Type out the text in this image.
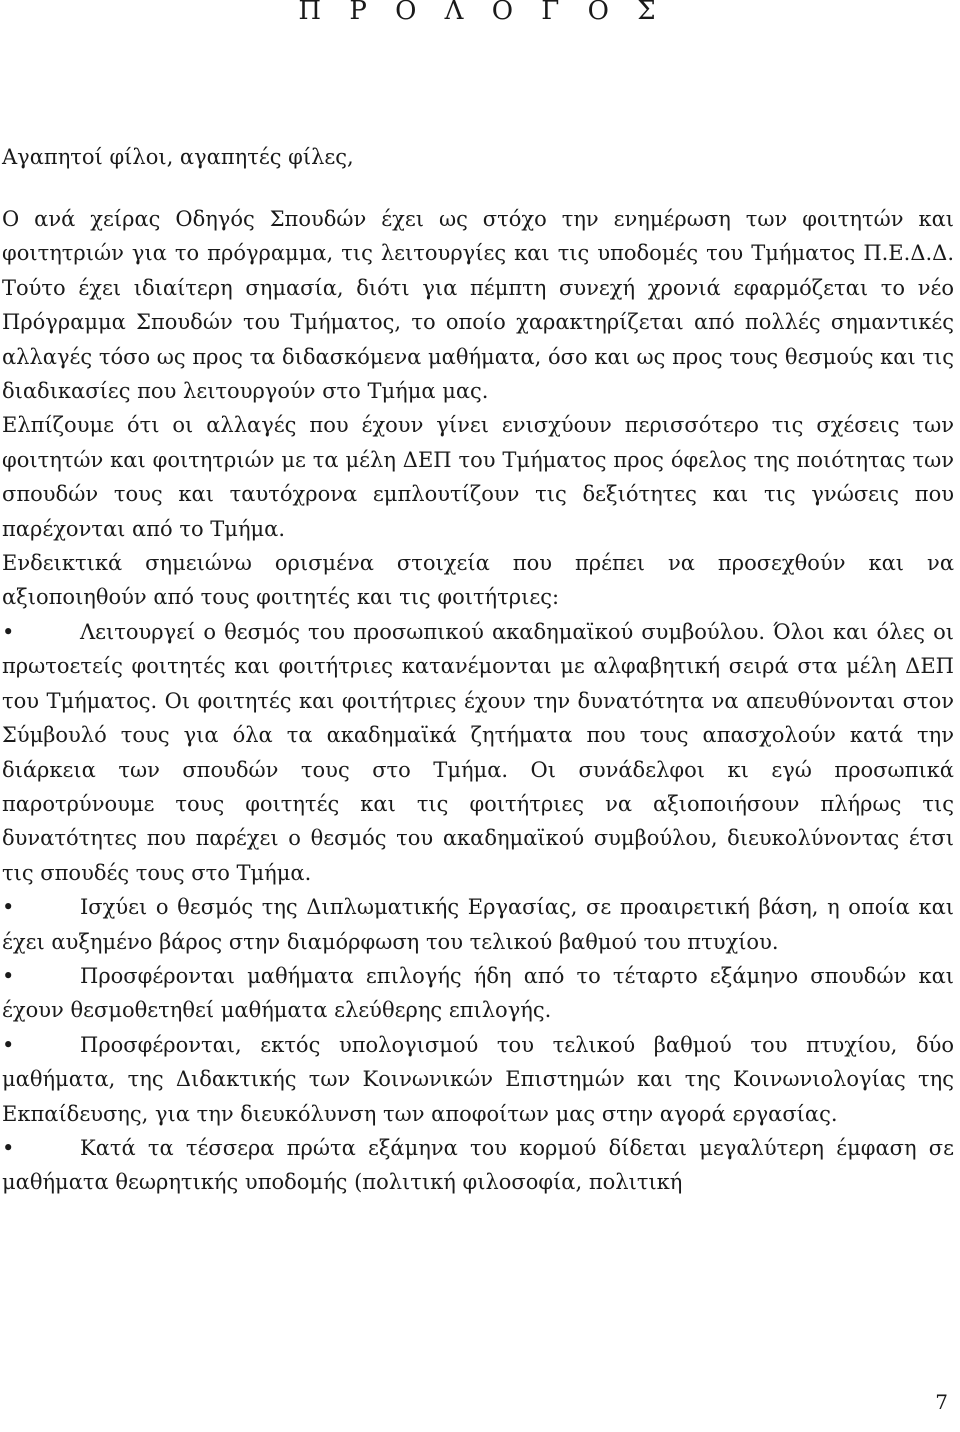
Π Ρ Ο Λ Ο Γ Ο Σ
Αγαπητοί φίλοι, αγαπητές φίλες,

Ο ανά χείρας Οδηγός Σπουδών έχει ως στόχο την ενημέρωση των φοιτητών και φοιτητριών για το πρόγραμμα, τις λειτουργίες και τις υποδομές του Τμήματος Π.Ε.Δ.Δ. Τούτο έχει ιδιαίτερη σημασία, διότι για πέμπτη συνεχή χρονιά εφαρμόζεται το νέο Πρόγραμμα Σπουδών του Τμήματος, το οποίο χαρακτηρίζεται από πολλές σημαντικές αλλαγές τόσο ως προς τα διδασκόμενα μαθήματα, όσο και ως προς τους θεσμούς και τις διαδικασίες που λειτουργούν στο Τμήμα μας.

Ελπίζουμε ότι οι αλλαγές που έχουν γίνει ενισχύουν περισσότερο τις σχέσεις των φοιτητών και φοιτητριών με τα μέλη ΔΕΠ του Τμήματος προς όφελος της ποιότητας των σπουδών τους και ταυτόχρονα εμπλουτίζουν τις δεξιότητες και τις γνώσεις που παρέχονται από το Τμήμα.

Ενδεικτικά σημειώνω ορισμένα στοιχεία που πρέπει να προσεχθούν και να αξιοποιηθούν από τους φοιτητές και τις φοιτήτριες:

•	Λειτουργεί ο θεσμός του προσωπικού ακαδημαϊκού συμβούλου. Όλοι και όλες οι πρωτοετείς φοιτητές και φοιτήτριες κατανέμονται με αλφαβητική σειρά στα μέλη ΔΕΠ του Τμήματος. Οι φοιτητές και φοιτήτριες έχουν την δυνατότητα να απευθύνονται στον Σύμβουλό τους για όλα τα ακαδημαϊκά ζητήματα που τους απασχολούν κατά την διάρκεια των σπουδών τους στο Τμήμα. Οι συνάδελφοι κι εγώ προσωπικά παροτρύνουμε τους φοιτητές και τις φοιτήτριες να αξιοποιήσουν πλήρως τις δυνατότητες που παρέχει ο θεσμός του ακαδημαϊκού συμβούλου, διευκολύνοντας έτσι τις σπουδές τους στο Τμήμα.

•	Ισχύει ο θεσμός της Διπλωματικής Εργασίας, σε προαιρετική βάση, η οποία και έχει αυξημένο βάρος στην διαμόρφωση του τελικού βαθμού του πτυχίου.

•	Προσφέρονται μαθήματα επιλογής ήδη από το τέταρτο εξάμηνο σπουδών και έχουν θεσμοθετηθεί μαθήματα ελεύθερης επιλογής.

•	Προσφέρονται, εκτός υπολογισμού του τελικού βαθμού του πτυχίου, δύο μαθήματα, της Διδακτικής των Κοινωνικών Επιστημών και της Κοινωνιολογίας της Εκπαίδευσης, για την διευκόλυνση των αποφοίτων μας στην αγορά εργασίας.

•	Κατά τα τέσσερα πρώτα εξάμηνα του κορμού δίδεται μεγαλύτερη έμφαση σε μαθήματα θεωρητικής υποδομής (πολιτική φιλοσοφία, πολιτική

7
